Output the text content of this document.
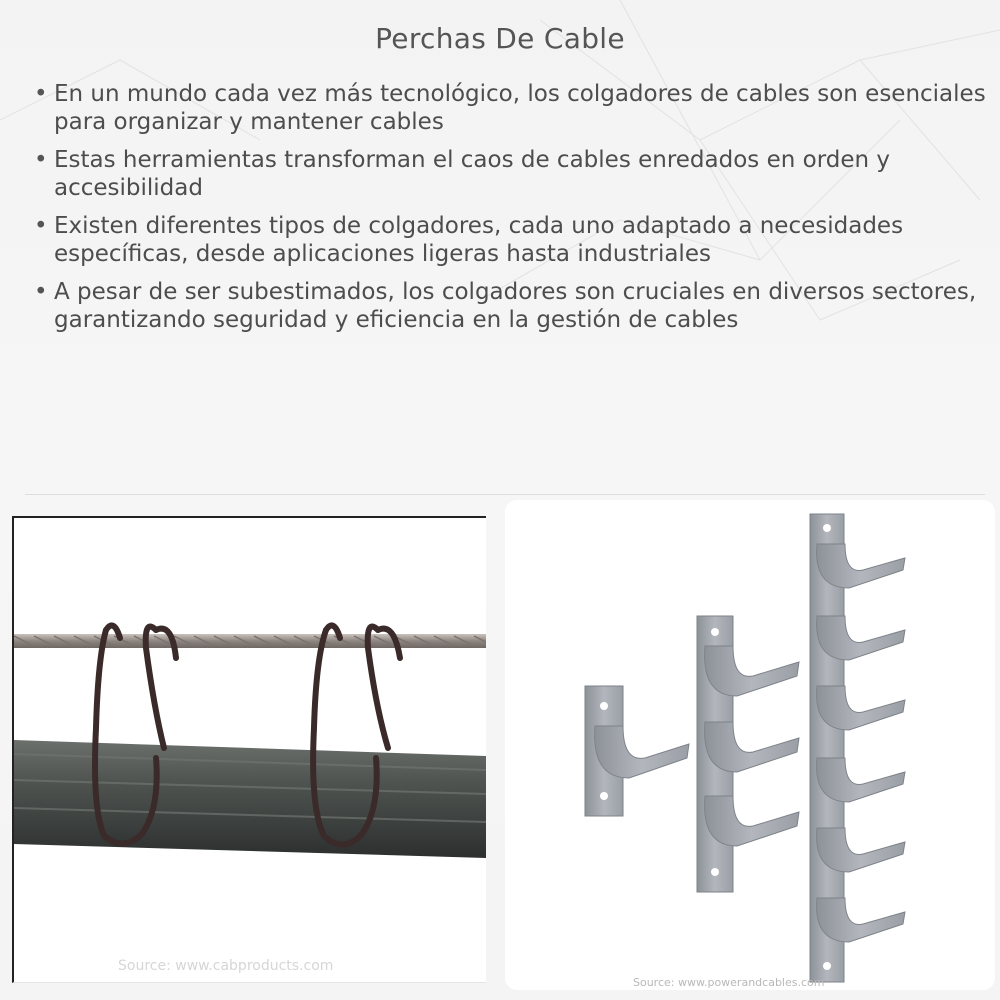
Perchas De Cable
• En un mundo cada vez más tecnológico, los colgadores de cables son esenciales para organizar y mantener cables
• Estas herramientas transforman el caos de cables enredados en orden y accesibilidad
• Existen diferentes tipos de colgadores, cada uno adaptado a necesidades específicas, desde aplicaciones ligeras hasta industriales
• A pesar de ser subestimados, los colgadores son cruciales en diversos sectores, garantizando seguridad y eficiencia en la gestión de cables
Source: www.cabproducts.com
Source: www.powerandcables.com
